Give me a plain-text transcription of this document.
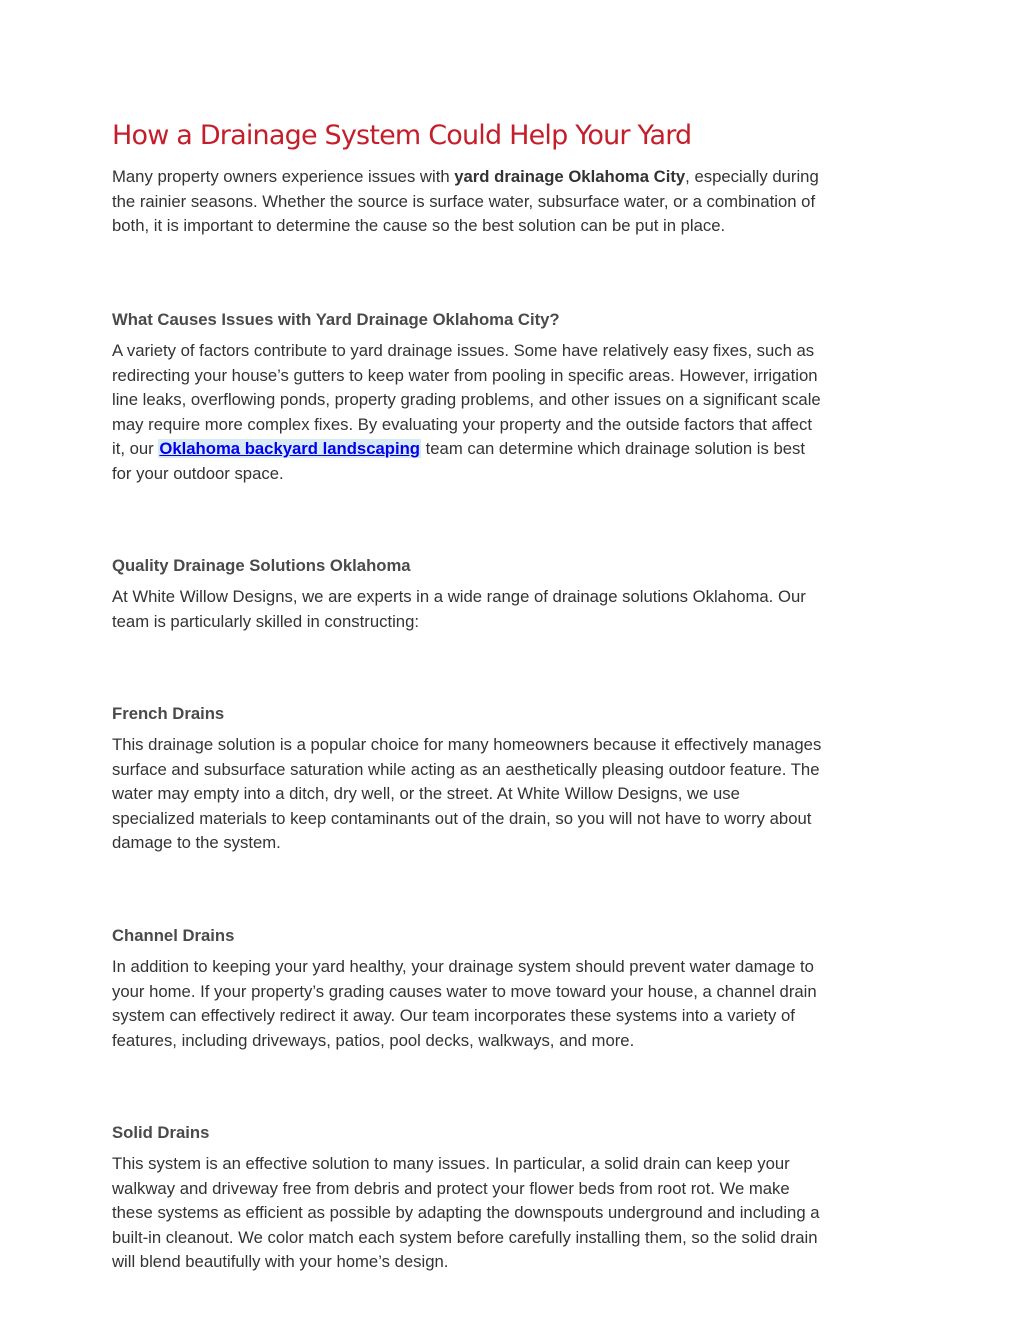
How a Drainage System Could Help Your Yard

Many property owners experience issues with yard drainage Oklahoma City, especially during
the rainier seasons. Whether the source is surface water, subsurface water, or a combination of
both, it is important to determine the cause so the best solution can be put in place.

What Causes Issues with Yard Drainage Oklahoma City?

A variety of factors contribute to yard drainage issues. Some have relatively easy fixes, such as
redirecting your house’s gutters to keep water from pooling in specific areas. However, irrigation
line leaks, overflowing ponds, property grading problems, and other issues on a significant scale
may require more complex fixes. By evaluating your property and the outside factors that affect
it, our Oklahoma backyard landscaping team can determine which drainage solution is best
for your outdoor space.

Quality Drainage Solutions Oklahoma

At White Willow Designs, we are experts in a wide range of drainage solutions Oklahoma. Our
team is particularly skilled in constructing:

French Drains

This drainage solution is a popular choice for many homeowners because it effectively manages
surface and subsurface saturation while acting as an aesthetically pleasing outdoor feature. The
water may empty into a ditch, dry well, or the street. At White Willow Designs, we use
specialized materials to keep contaminants out of the drain, so you will not have to worry about
damage to the system.

Channel Drains

In addition to keeping your yard healthy, your drainage system should prevent water damage to
your home. If your property’s grading causes water to move toward your house, a channel drain
system can effectively redirect it away. Our team incorporates these systems into a variety of
features, including driveways, patios, pool decks, walkways, and more.

Solid Drains

This system is an effective solution to many issues. In particular, a solid drain can keep your
walkway and driveway free from debris and protect your flower beds from root rot. We make
these systems as efficient as possible by adapting the downspouts underground and including a
built-in cleanout. We color match each system before carefully installing them, so the solid drain
will blend beautifully with your home’s design.
